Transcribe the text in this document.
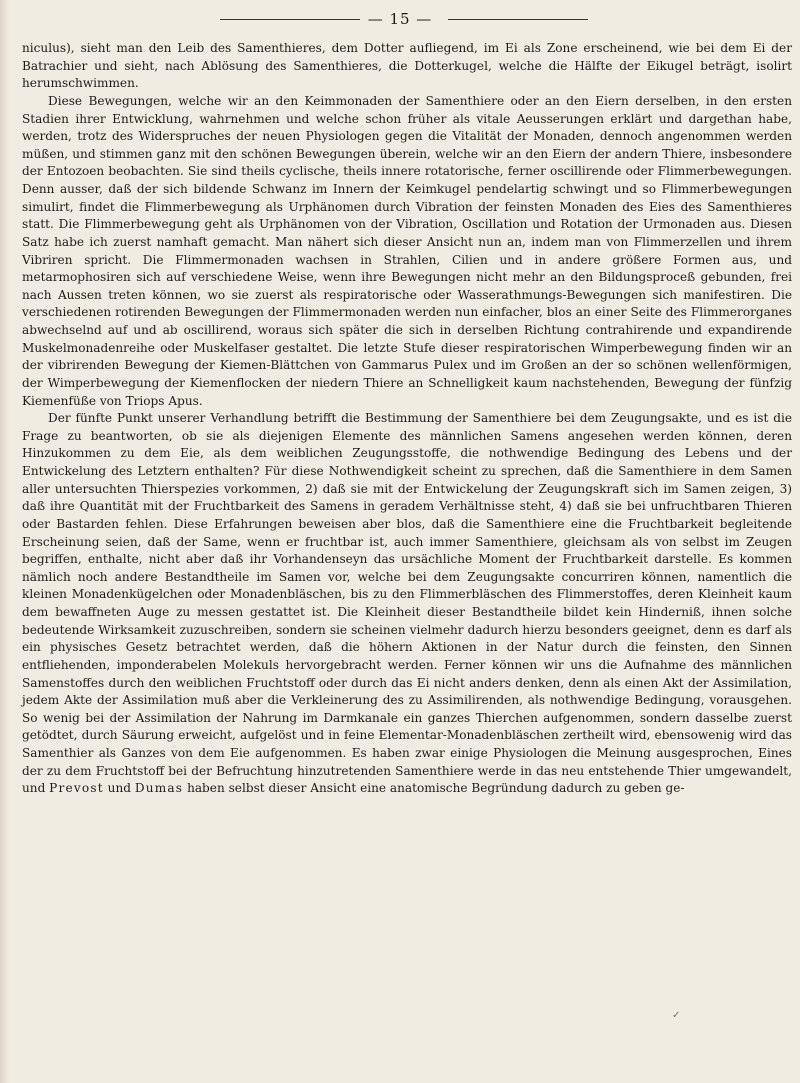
— 15 —

niculus), sieht man den Leib des Samenthieres, dem Dotter aufliegend, im Ei als Zone erscheinend, wie bei dem Ei der Batrachier und sieht, nach Ablösung des Samenthieres, die Dotterkugel, welche die Hälfte der Eikugel beträgt, isolirt herumschwimmen.

Diese Bewegungen, welche wir an den Keimmonaden der Samenthiere oder an den Eiern derselben, in den ersten Stadien ihrer Entwicklung, wahrnehmen und welche schon früher als vitale Aeusserungen erklärt und dargethan habe, werden, trotz des Widerspruches der neuen Physiologen gegen die Vitalität der Monaden, dennoch angenommen werden müßen, und stimmen ganz mit den schönen Bewegungen überein, welche wir an den Eiern der andern Thiere, insbesondere der Entozoen beobachten. Sie sind theils cyclische, theils innere rotatorische, ferner oscillirende oder Flimmerbewegungen. Denn ausser, daß der sich bildende Schwanz im Innern der Keimkugel pendelartig schwingt und so Flimmerbewegungen simulirt, findet die Flimmerbewegung als Urphänomen durch Vibration der feinsten Monaden des Eies des Samenthieres statt. Die Flimmerbewegung geht als Urphänomen von der Vibration, Oscillation und Rotation der Urmonaden aus. Diesen Satz habe ich zuerst namhaft gemacht. Man nähert sich dieser Ansicht nun an, indem man von Flimmerzellen und ihrem Vibriren spricht. Die Flimmermonaden wachsen in Strahlen, Cilien und in andere größere Formen aus, und metarmophosiren sich auf verschiedene Weise, wenn ihre Bewegungen nicht mehr an den Bildungsproceß gebunden, frei nach Aussen treten können, wo sie zuerst als respiratorische oder Wasserathmungs-Bewegungen sich manifestiren. Die verschiedenen rotirenden Bewegungen der Flimmermonaden werden nun einfacher, blos an einer Seite des Flimmerorganes abwechselnd auf und ab oscillirend, woraus sich später die sich in derselben Richtung contrahirende und expandirende Muskelmonadenreihe oder Muskelfaser gestaltet. Die letzte Stufe dieser respiratorischen Wimperbewegung finden wir an der vibrirenden Bewegung der Kiemen-Blättchen von Gammarus Pulex und im Großen an der so schönen wellenförmigen, der Wimperbewegung der Kiemenflocken der niedern Thiere an Schnelligkeit kaum nachstehenden, Bewegung der fünfzig Kiemenfüße von Triops Apus.

Der fünfte Punkt unserer Verhandlung betrifft die Bestimmung der Samenthiere bei dem Zeugungsakte, und es ist die Frage zu beantworten, ob sie als diejenigen Elemente des männlichen Samens angesehen werden können, deren Hinzukommen zu dem Eie, als dem weiblichen Zeugungsstoffe, die nothwendige Bedingung des Lebens und der Entwickelung des Letztern enthalten? Für diese Nothwendigkeit scheint zu sprechen, daß die Samenthiere in dem Samen aller untersuchten Thierspezies vorkommen, 2) daß sie mit der Entwickelung der Zeugungskraft sich im Samen zeigen, 3) daß ihre Quantität mit der Fruchtbarkeit des Samens in geradem Verhältnisse steht, 4) daß sie bei unfruchtbaren Thieren oder Bastarden fehlen. Diese Erfahrungen beweisen aber blos, daß die Samenthiere eine die Fruchtbarkeit begleitende Erscheinung seien, daß der Same, wenn er fruchtbar ist, auch immer Samenthiere, gleichsam als von selbst im Zeugen begriffen, enthalte, nicht aber daß ihr Vorhandenseyn das ursächliche Moment der Fruchtbarkeit darstelle. Es kommen nämlich noch andere Bestandtheile im Samen vor, welche bei dem Zeugungsakte concurriren können, namentlich die kleinen Monadenkügelchen oder Monadenbläschen, bis zu den Flimmerbläschen des Flimmerstoffes, deren Kleinheit kaum dem bewaffneten Auge zu messen gestattet ist. Die Kleinheit dieser Bestandtheile bildet kein Hinderniß, ihnen solche bedeutende Wirksamkeit zuzuschreiben, sondern sie scheinen vielmehr dadurch hierzu besonders geeignet, denn es darf als ein physisches Gesetz betrachtet werden, daß die höhern Aktionen in der Natur durch die feinsten, den Sinnen entfliehenden, imponderabelen Molekuls hervorgebracht werden. Ferner können wir uns die Aufnahme des männlichen Samenstoffes durch den weiblichen Fruchtstoff oder durch das Ei nicht anders denken, denn als einen Akt der Assimilation, jedem Akte der Assimilation muß aber die Verkleinerung des zu Assimilirenden, als nothwendige Bedingung, vorausgehen. So wenig bei der Assimilation der Nahrung im Darmkanale ein ganzes Thierchen aufgenommen, sondern dasselbe zuerst getödtet, durch Säurung erweicht, aufgelöst und in feine Elementar-Monadenbläschen zertheilt wird, ebensowenig wird das Samenthier als Ganzes von dem Eie aufgenommen. Es haben zwar einige Physiologen die Meinung ausgesprochen, Eines der zu dem Fruchtstoff bei der Befruchtung hinzutretenden Samenthiere werde in das neu entstehende Thier umgewandelt, und Prevost und Dumas haben selbst dieser Ansicht eine anatomische Begründung dadurch zu geben ge-

✓
